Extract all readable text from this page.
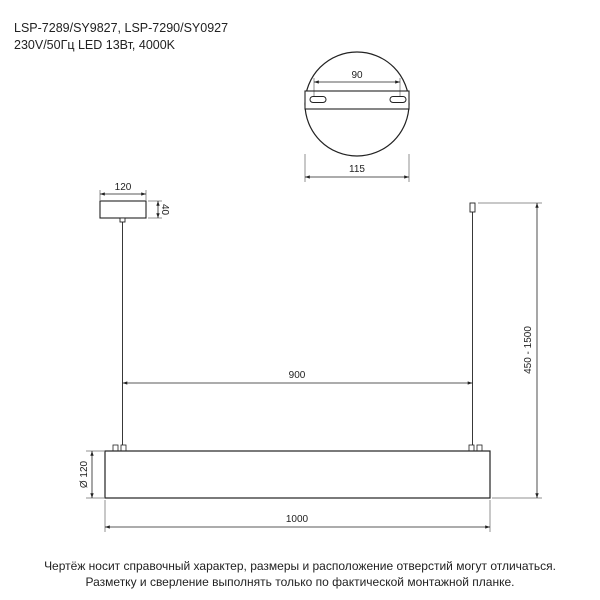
LSP-7289/SY9827, LSP-7290/SY0927
230V/50Гц LED 13Вт, 4000K
90
115
120
40
900
450 - 1500
Ø 120
1000
Чертёж носит справочный характер, размеры и расположение отверстий могут отличаться.
Разметку и сверление выполнять только по фактической монтажной планке.
